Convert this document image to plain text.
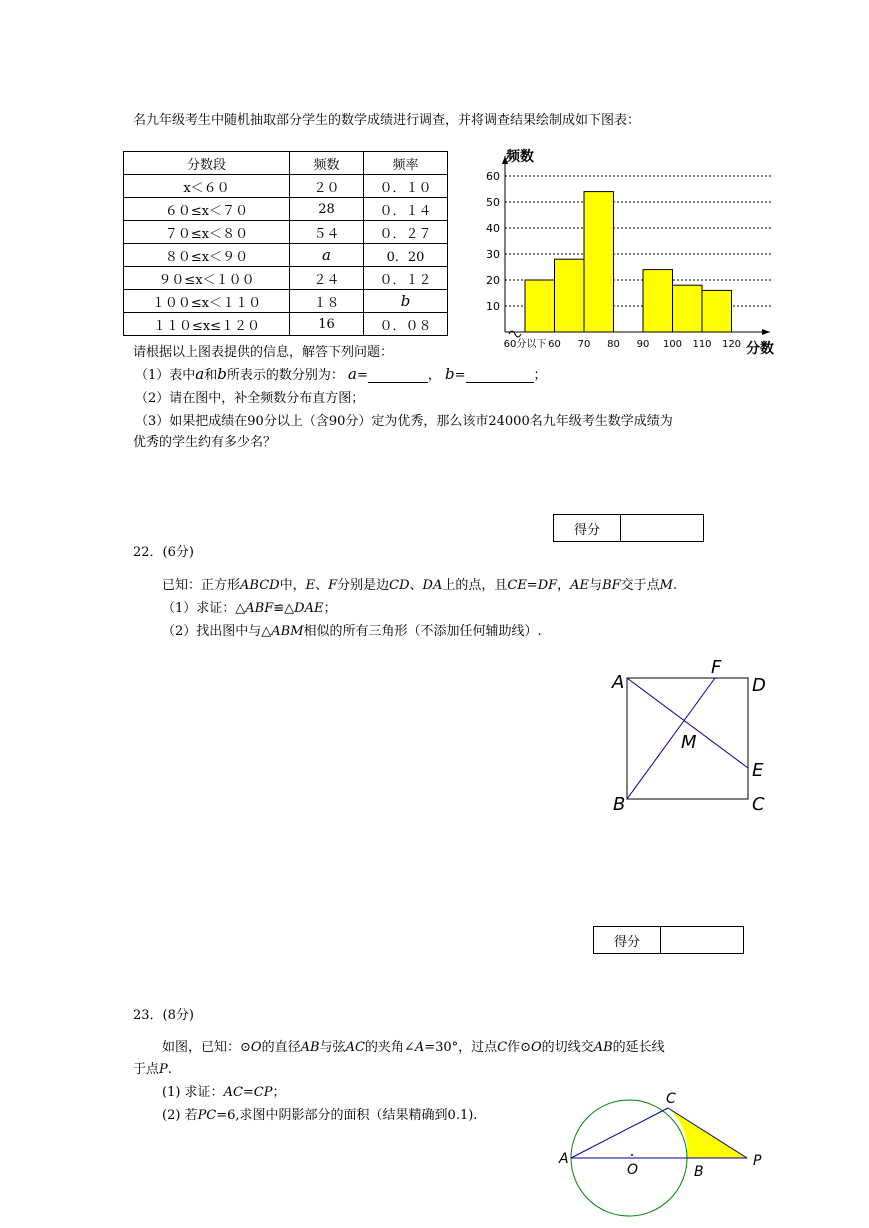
名九年级考生中随机抽取部分学生的数学成绩进行调查，并将调查结果绘制成如下图表：
分数段	频数	频率
x＜６０	２０	０．１０
６０≤x＜７０	28	０．１４
７０≤x＜８０	５４	０．２７
８０≤x＜９０	a	0．20
９０≤x＜１００	２４	０．１２
１００≤x＜１１０	１８	b
１１０≤x≤１２０	16	０．０８
10
20
30
40
50
60
60分以下 60 70 80 90 100 110 120
频数
分数
请根据以上图表提供的信息，解答下列问题：
（1）表中a和b所表示的数分别为： a=	， b=	；
（2）请在图中，补全频数分布直方图；
（3）如果把成绩在90分以上（含90分）定为优秀，那么该市24000名九年级考生数学成绩为
优秀的学生约有多少名？
得分
22．(6分)
已知：正方形ABCD中，E、F分别是边CD、DA上的点，且CE=DF，AE与BF交于点M.
（1）求证：△ABF≌△DAE；
（2）找出图中与△ABM相似的所有三角形（不添加任何辅助线）.
A
F
D
M
E
B	C
得分
23．(8分)
如图，已知：⊙O的直径AB与弦AC的夹角∠A=30°，过点C作⊙O的切线交AB的延长线
于点P.
(1) 求证：AC=CP；
(2) 若PC=6,求图中阴影部分的面积（结果精确到0.1).
A
C
O	B
P
